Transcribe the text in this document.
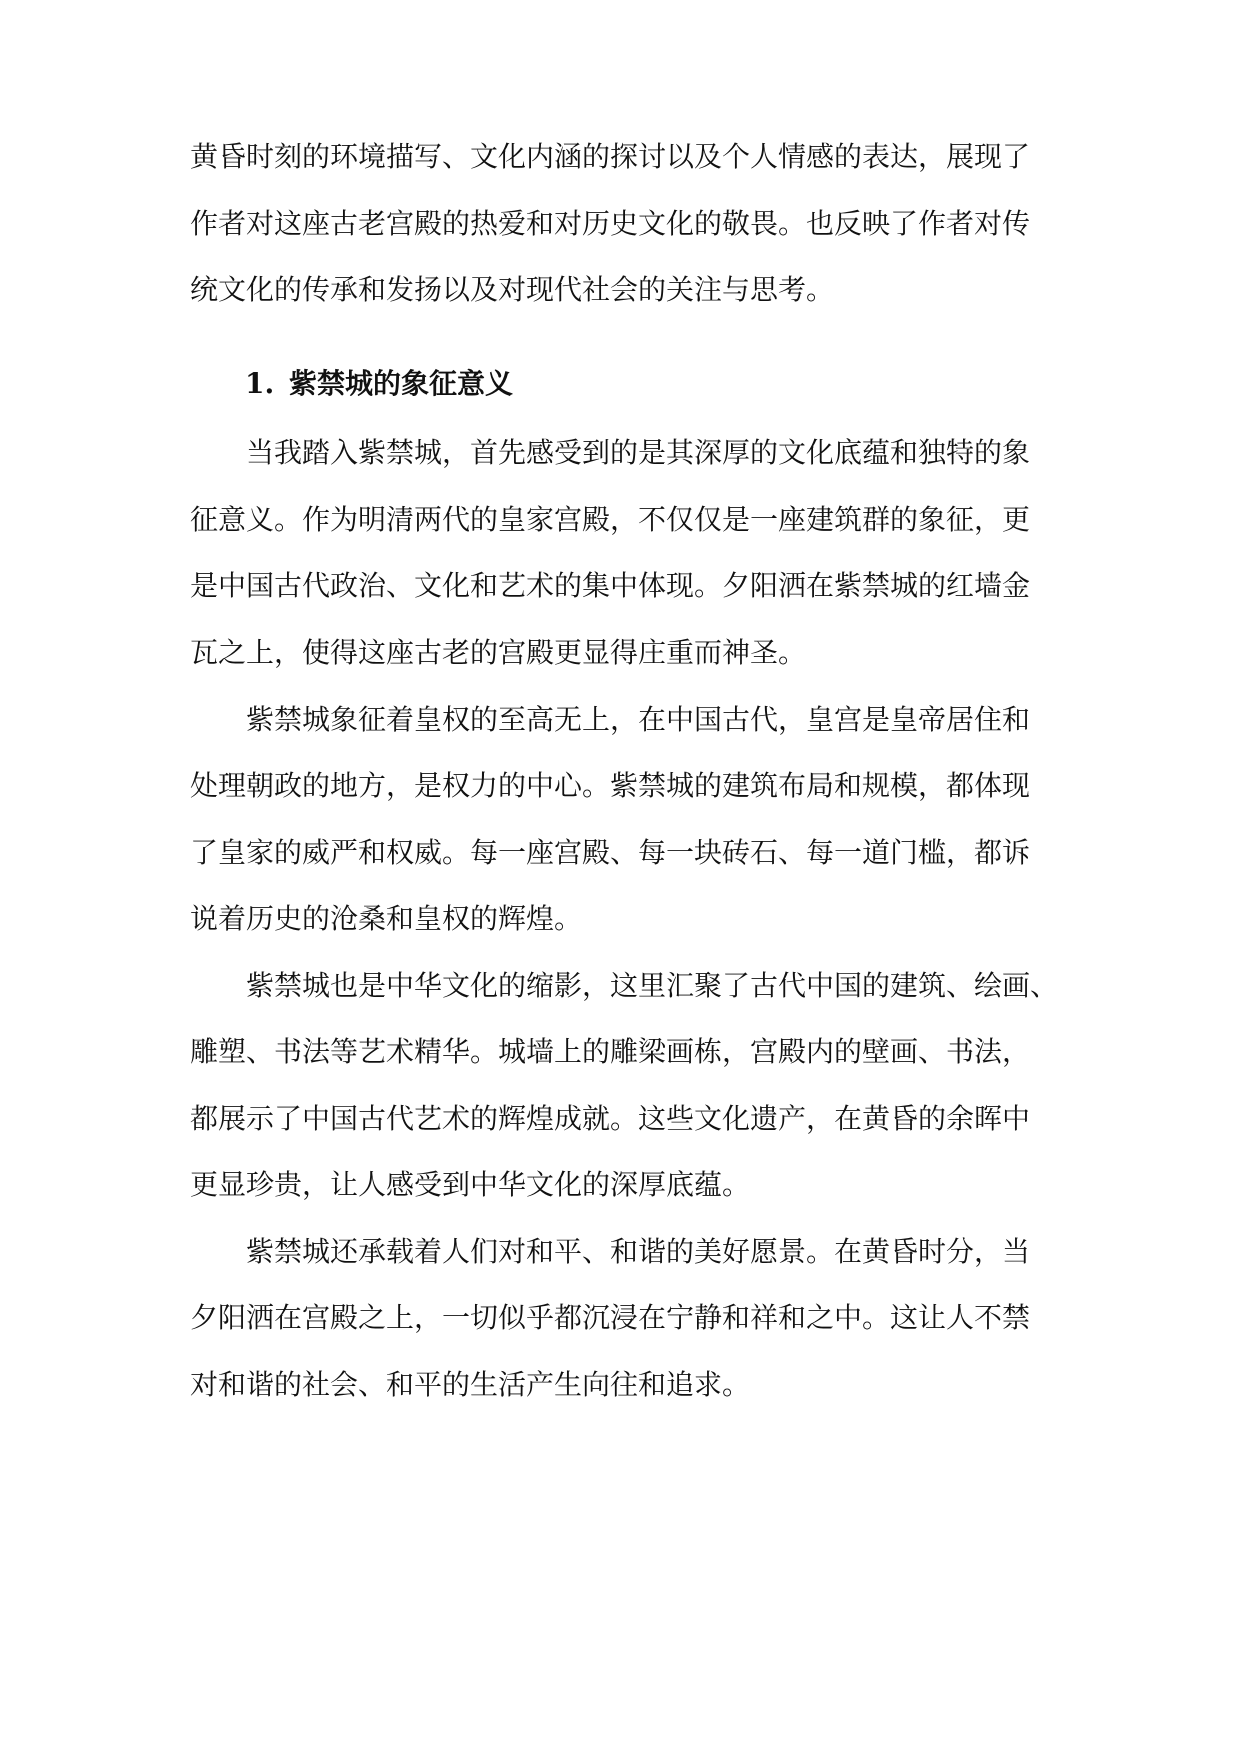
黄昏时刻的环境描写、文化内涵的探讨以及个人情感的表达，展现了
作者对这座古老宫殿的热爱和对历史文化的敬畏。也反映了作者对传
统文化的传承和发扬以及对现代社会的关注与思考。
1. 紫禁城的象征意义
当我踏入紫禁城，首先感受到的是其深厚的文化底蕴和独特的象
征意义。作为明清两代的皇家宫殿，不仅仅是一座建筑群的象征，更
是中国古代政治、文化和艺术的集中体现。夕阳洒在紫禁城的红墙金
瓦之上，使得这座古老的宫殿更显得庄重而神圣。
紫禁城象征着皇权的至高无上，在中国古代，皇宫是皇帝居住和
处理朝政的地方，是权力的中心。紫禁城的建筑布局和规模，都体现
了皇家的威严和权威。每一座宫殿、每一块砖石、每一道门槛，都诉
说着历史的沧桑和皇权的辉煌。
紫禁城也是中华文化的缩影，这里汇聚了古代中国的建筑、绘画、
雕塑、书法等艺术精华。城墙上的雕梁画栋，宫殿内的壁画、书法，
都展示了中国古代艺术的辉煌成就。这些文化遗产，在黄昏的余晖中
更显珍贵，让人感受到中华文化的深厚底蕴。
紫禁城还承载着人们对和平、和谐的美好愿景。在黄昏时分，当
夕阳洒在宫殿之上，一切似乎都沉浸在宁静和祥和之中。这让人不禁
对和谐的社会、和平的生活产生向往和追求。
